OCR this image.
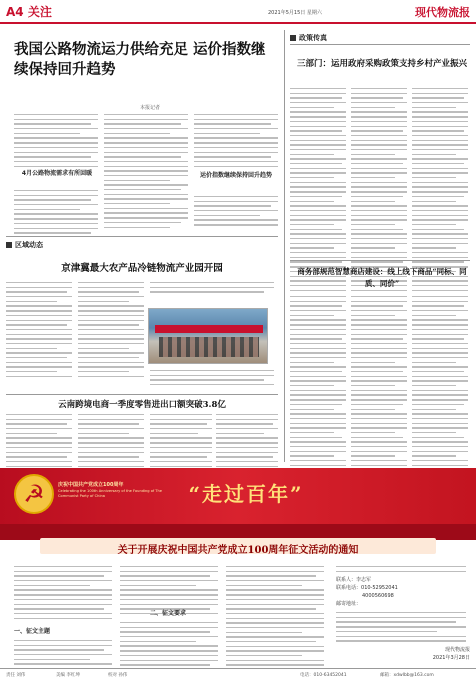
A4 关注	2021年5月15日 星期六	现代物流报
我国公路物流运力供给充足 运价指数继续保持回升趋势
本报记者
4月公路物流需求有所回暖	运价指数继续保持回升趋势
政策传真
三部门：运用政府采购政策支持乡村产业振兴
商务部规范智慧商店建设：线上线下商品“同标、同质、同价”
区域动态
京津冀最大农产品冷链物流产业园开园
云南跨境电商一季度零售进出口额突破3.8亿
☭
庆祝中国共产党成立100周年
Celebrating the 100th Anniversary of the Founding of The Communist Party of China	“走过百年”
关于开展庆祝中国共产党成立100周年征文活动的通知
一、征文主题
二、征文要求
联系人：李志军
联系电话：010-52952041
4000560698
邮寄地址：
现代物流报
2021年3月28日
责任 刘伟	美编 李红坤	校对 孙伟	电话：010-63452041	邮箱：xdwlbb@163.com
